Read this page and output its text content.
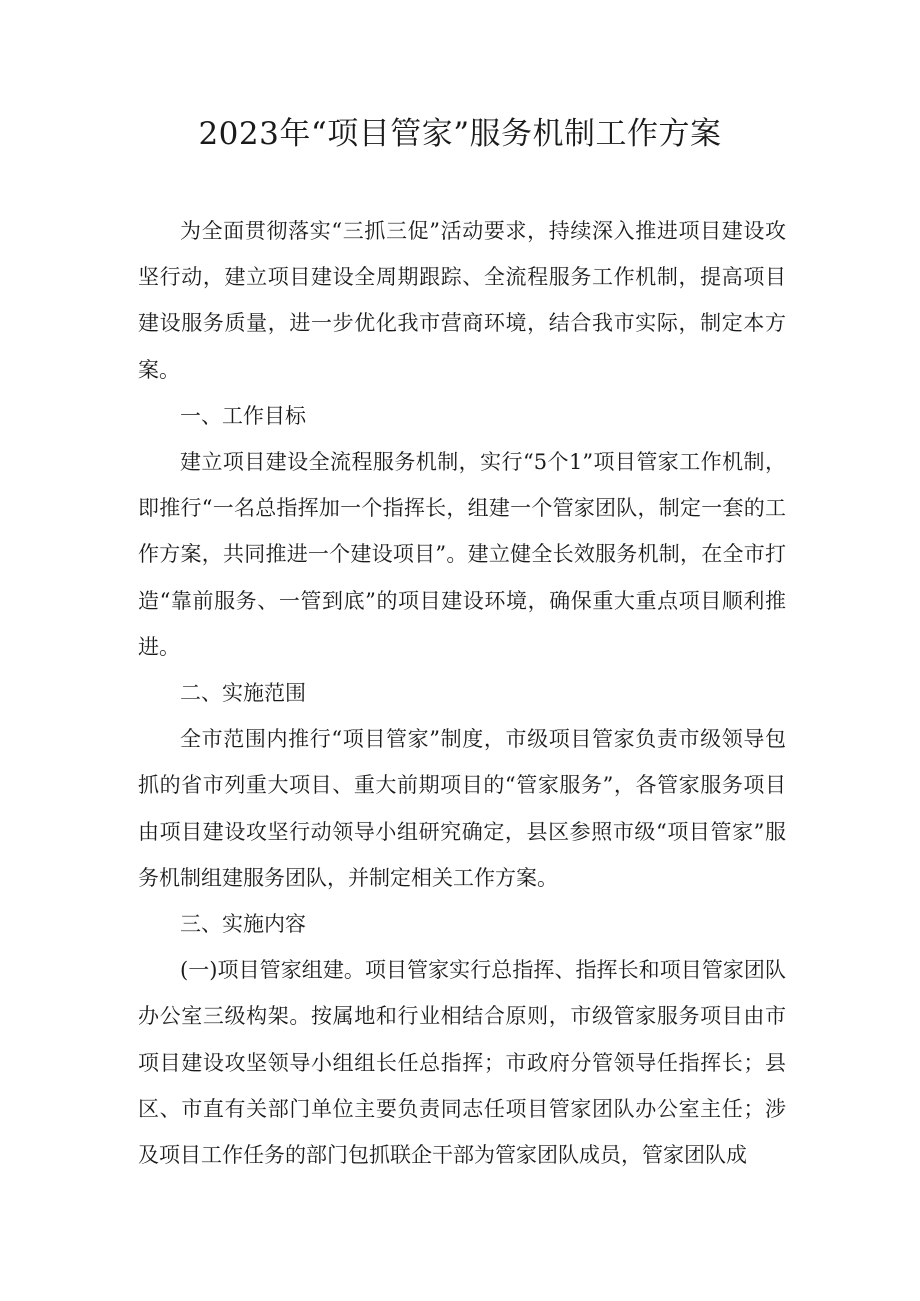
2023年“项目管家”服务机制工作方案

为全面贯彻落实“三抓三促”活动要求，持续深入推进项目建设攻坚行动，建立项目建设全周期跟踪、全流程服务工作机制，提高项目建设服务质量，进一步优化我市营商环境，结合我市实际，制定本方案。

一、工作目标

建立项目建设全流程服务机制，实行“5个1”项目管家工作机制，即推行“一名总指挥加一个指挥长，组建一个管家团队，制定一套的工作方案，共同推进一个建设项目”。建立健全长效服务机制，在全市打造“靠前服务、一管到底”的项目建设环境，确保重大重点项目顺利推进。

二、实施范围

全市范围内推行“项目管家”制度，市级项目管家负责市级领导包抓的省市列重大项目、重大前期项目的“管家服务”，各管家服务项目由项目建设攻坚行动领导小组研究确定，县区参照市级“项目管家”服务机制组建服务团队，并制定相关工作方案。

三、实施内容

(一)项目管家组建。项目管家实行总指挥、指挥长和项目管家团队办公室三级构架。按属地和行业相结合原则，市级管家服务项目由市项目建设攻坚领导小组组长任总指挥；市政府分管领导任指挥长；县区、市直有关部门单位主要负责同志任项目管家团队办公室主任；涉及项目工作任务的部门包抓联企干部为管家团队成员，管家团队成
